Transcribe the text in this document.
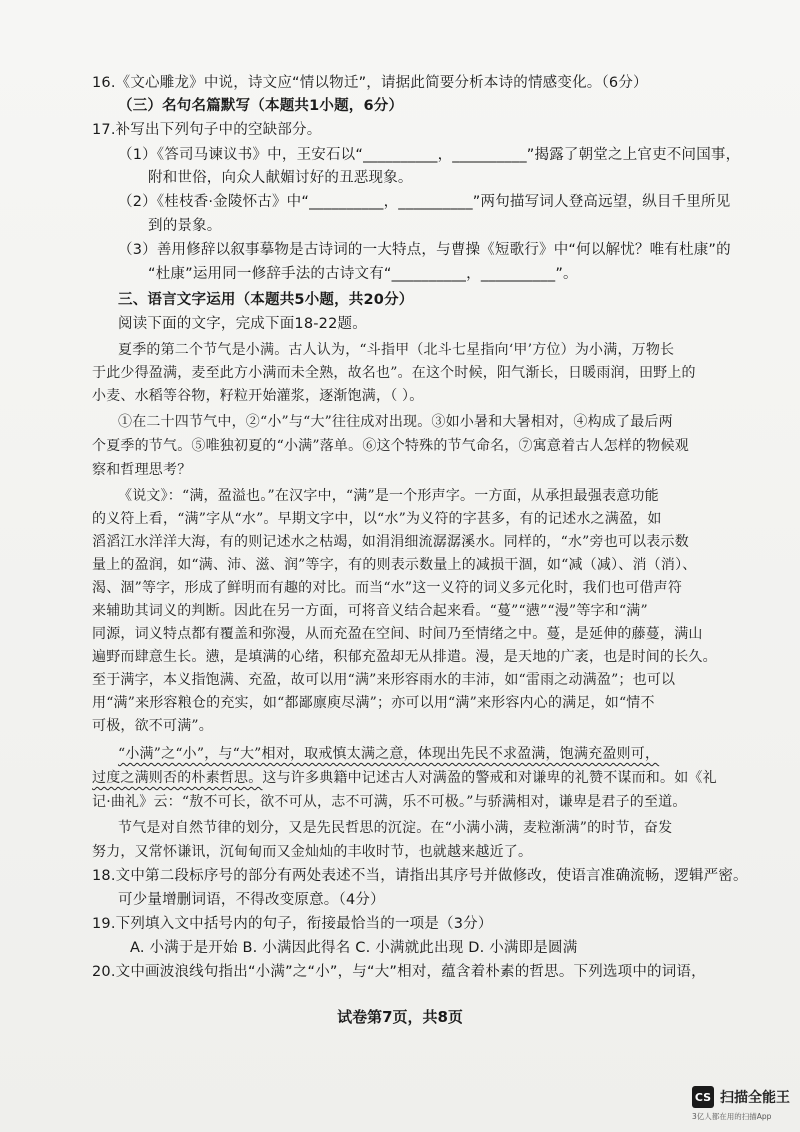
16.《文心雕龙》中说，诗文应“情以物迁”，请据此简要分析本诗的情感变化。（6分）
（三）名句名篇默写（本题共1小题，6分）
17.补写出下列句子中的空缺部分。
（1）《答司马谏议书》中，王安石以“__________，__________”揭露了朝堂之上官吏不问国事，
附和世俗，向众人献媚讨好的丑恶现象。
（2）《桂枝香·金陵怀古》中“__________，__________”两句描写词人登高远望，纵目千里所见
到的景象。
（3）善用修辞以叙事摹物是古诗词的一大特点，与曹操《短歌行》中“何以解忧？唯有杜康”的
“杜康”运用同一修辞手法的古诗文有“__________，__________”。
三、语言文字运用（本题共5小题，共20分）
阅读下面的文字，完成下面18-22题。
夏季的第二个节气是小满。古人认为，“斗指甲（北斗七星指向‘甲’方位）为小满，万物长
于此少得盈满，麦至此方小满而未全熟，故名也”。在这个时候，阳气渐长，日暖雨润，田野上的
小麦、水稻等谷物，籽粒开始灌浆，逐渐饱满，（ ）。
①在二十四节气中，②“小”与“大”往往成对出现。③如小暑和大暑相对，④构成了最后两
个夏季的节气。⑤唯独初夏的“小满”落单。⑥这个特殊的节气命名，⑦寓意着古人怎样的物候观
察和哲理思考？
《说文》：“满，盈溢也。”在汉字中，“满”是一个形声字。一方面，从承担最强表意功能
的义符上看，“满”字从“水”。早期文字中，以“水”为义符的字甚多，有的记述水之满盈，如
滔滔江水洋洋大海，有的则记述水之枯竭，如涓涓细流潺潺溪水。同样的，“水”旁也可以表示数
量上的盈润，如“满、沛、滋、润”等字，有的则表示数量上的减损干涸，如“减（减）、消（消）、
渴、涸”等字，形成了鲜明而有趣的对比。而当“水”这一义符的词义多元化时，我们也可借声符
来辅助其词义的判断。因此在另一方面，可将音义结合起来看。“蔓”“懑”“漫”等字和“满”
同源，词义特点都有覆盖和弥漫，从而充盈在空间、时间乃至情绪之中。蔓，是延伸的藤蔓，满山
遍野而肆意生长。懑，是填满的心绪，积郁充盈却无从排遣。漫，是天地的广袤，也是时间的长久。
至于满字，本义指饱满、充盈，故可以用“满”来形容雨水的丰沛，如“雷雨之动满盈”；也可以
用“满”来形容粮仓的充实，如“都鄙廪庾尽满”；亦可以用“满”来形容内心的满足，如“情不
可极，欲不可满”。
“小满”之“小”，与“大”相对，取戒慎太满之意，体现出先民不求盈满，饱满充盈则可，
过度之满则否的朴素哲思。这与许多典籍中记述古人对满盈的警戒和对谦卑的礼赞不谋而和。如《礼
记·曲礼》云：“敖不可长，欲不可从，志不可满，乐不可极。”与骄满相对，谦卑是君子的至道。
节气是对自然节律的划分，又是先民哲思的沉淀。在“小满小满，麦粒渐满”的时节，奋发
努力，又常怀谦讯，沉甸甸而又金灿灿的丰收时节，也就越来越近了。
18.文中第二段标序号的部分有两处表述不当，请指出其序号并做修改，使语言准确流畅，逻辑严密。
可少量增删词语，不得改变原意。（4分）
19.下列填入文中括号内的句子，衔接最恰当的一项是（3分）
A. 小满于是开始 B. 小满因此得名 C. 小满就此出现 D. 小满即是圆满
20.文中画波浪线句指出“小满”之“小”，与“大”相对，蕴含着朴素的哲思。下列选项中的词语，
试卷第7页，共8页
CS 扫描全能王
3亿人都在用的扫描App
